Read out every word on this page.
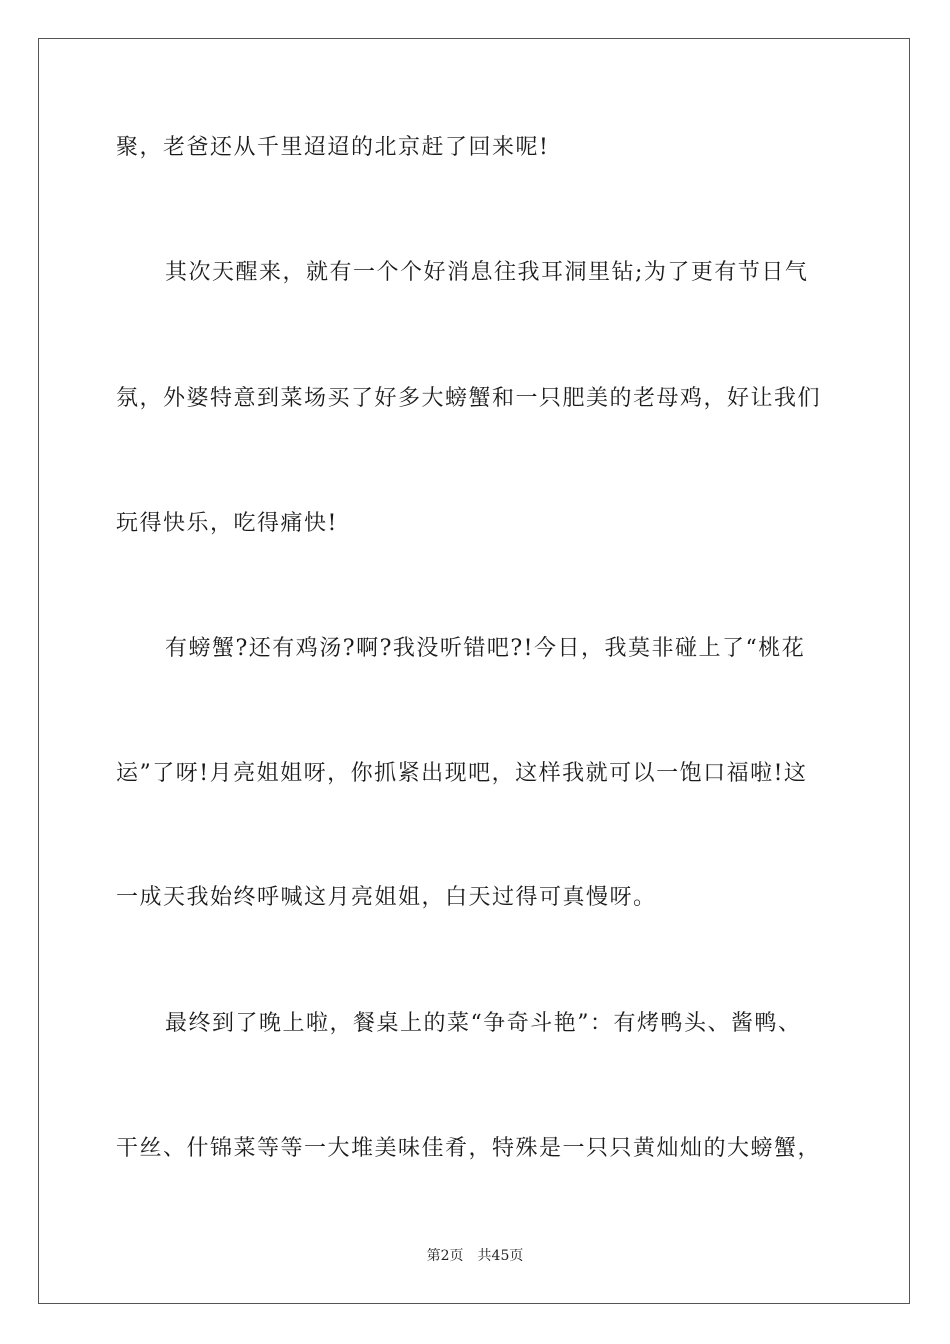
聚，老爸还从千里迢迢的北京赶了回来呢!
其次天醒来，就有一个个好消息往我耳洞里钻;为了更有节日气
氛，外婆特意到菜场买了好多大螃蟹和一只肥美的老母鸡，好让我们
玩得快乐，吃得痛快!
有螃蟹?还有鸡汤?啊?我没听错吧?!今日，我莫非碰上了“桃花
运”了呀!月亮姐姐呀，你抓紧出现吧，这样我就可以一饱口福啦!这
一成天我始终呼喊这月亮姐姐，白天过得可真慢呀。
最终到了晚上啦，餐桌上的菜“争奇斗艳”：有烤鸭头、酱鸭、
干丝、什锦菜等等一大堆美味佳肴，特殊是一只只黄灿灿的大螃蟹，
第2页 共45页
